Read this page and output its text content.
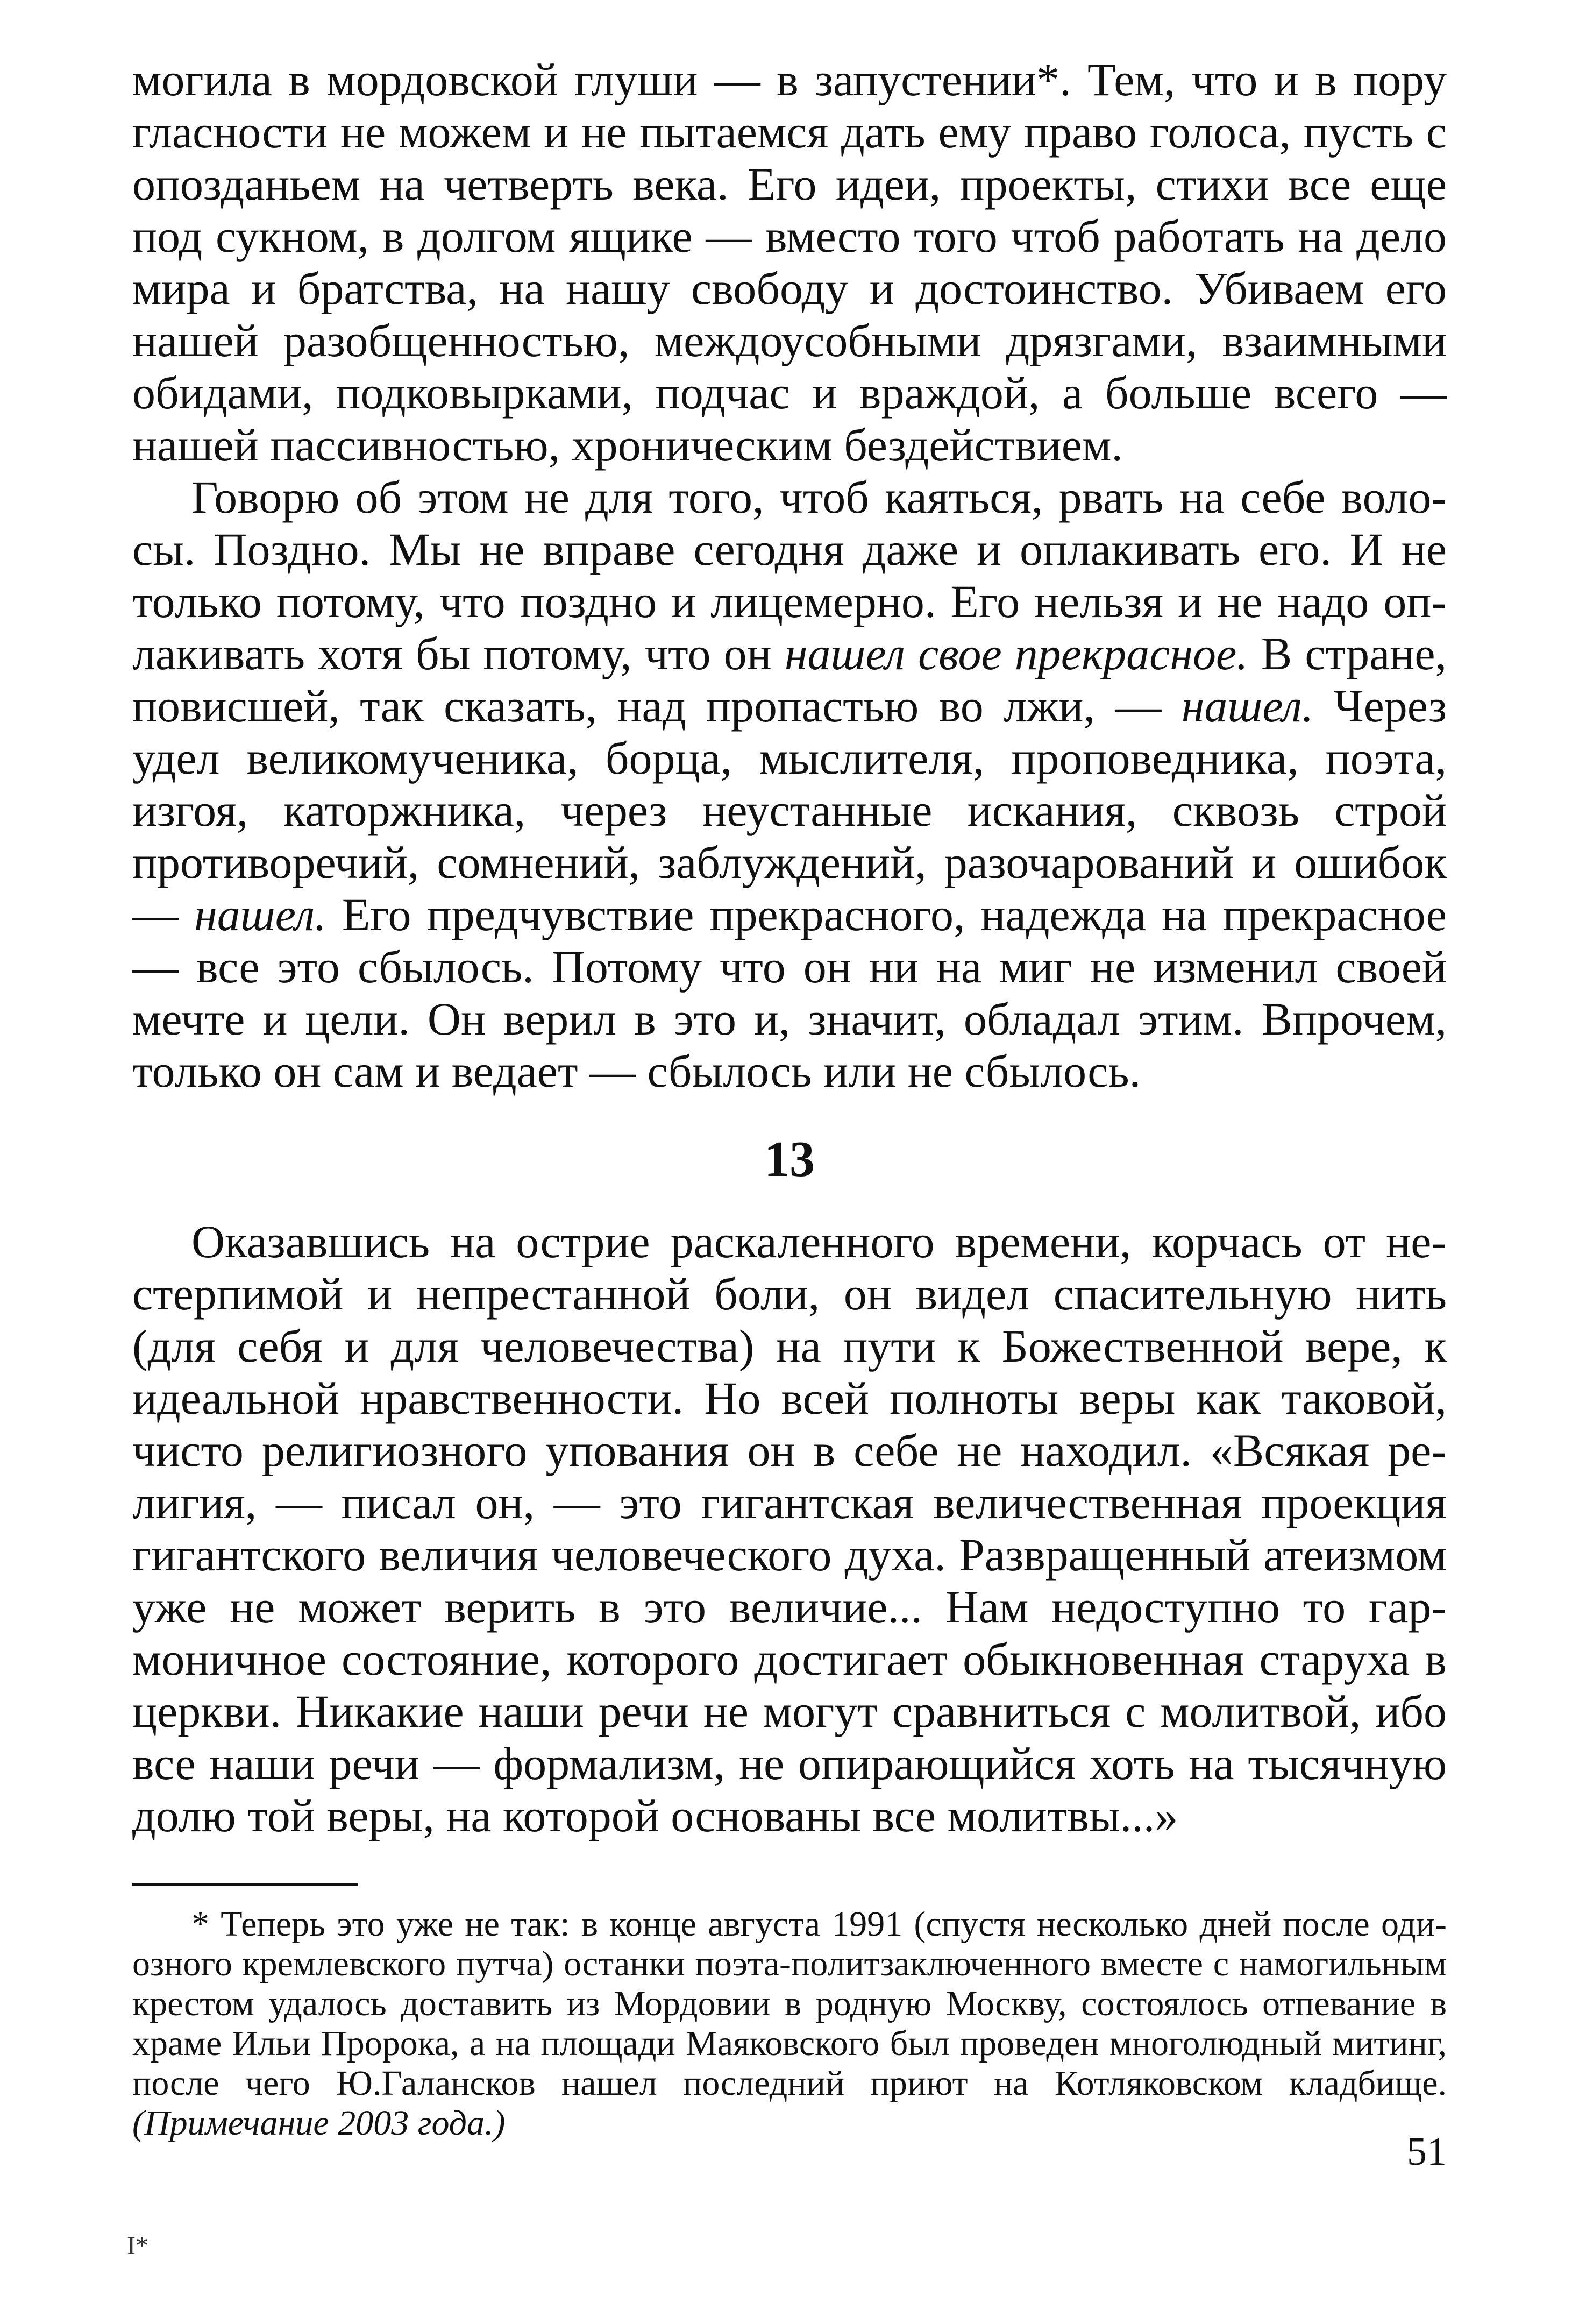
могила в мордовской глуши — в запустении*. Тем, что и в пору гласности не можем и не пытаемся дать ему право голоса, пусть с опозданьем на четверть века. Его идеи, проекты, стихи все еще под сукном, в долгом ящике — вместо того чтоб работать на дело мира и братства, на нашу свободу и достоинство. Убиваем его нашей разобщенностью, междоусобными дрязгами, взаимными обидами, подковырками, подчас и враждой, а больше всего — нашей пассивностью, хроническим бездействием.

Говорю об этом не для того, чтоб каяться, рвать на себе волосы. Поздно. Мы не вправе сегодня даже и оплакивать его. И не только потому, что поздно и лицемерно. Его нельзя и не надо оплакивать хотя бы потому, что он нашел свое прекрасное. В стране, повисшей, так сказать, над пропастью во лжи, — нашел. Через удел великомученика, борца, мыслителя, проповедника, поэта, изгоя, каторжника, через неустанные искания, сквозь строй противоречий, сомнений, заблуждений, разочарований и ошибок — нашел. Его предчувствие прекрасного, надежда на прекрасное — все это сбылось. Потому что он ни на миг не изменил своей мечте и цели. Он верил в это и, значит, обладал этим. Впрочем, только он сам и ведает — сбылось или не сбылось.

13

Оказавшись на острие раскаленного времени, корчась от нестерпимой и непрестанной боли, он видел спасительную нить (для себя и для человечества) на пути к Божественной вере, к идеальной нравственности. Но всей полноты веры как таковой, чисто религиозного упования он в себе не находил. «Всякая религия, — писал он, — это гигантская величественная проекция гигантского величия человеческого духа. Развращенный атеизмом уже не может верить в это величие... Нам недоступно то гармоничное состояние, которого достигает обыкновенная старуха в церкви. Никакие наши речи не могут сравниться с молитвой, ибо все наши речи — формализм, не опирающийся хоть на тысячную долю той веры, на которой основаны все молитвы...»

* Теперь это уже не так: в конце августа 1991 (спустя несколько дней после одиозного кремлевского путча) останки поэта-политзаключенного вместе с намогильным крестом удалось доставить из Мордовии в родную Москву, состоялось отпевание в храме Ильи Пророка, а на площади Маяковского был проведен многолюдный митинг, после чего Ю.Галансков нашел последний приют на Котляковском кладбище. (Примечание 2003 года.)
51
I*
